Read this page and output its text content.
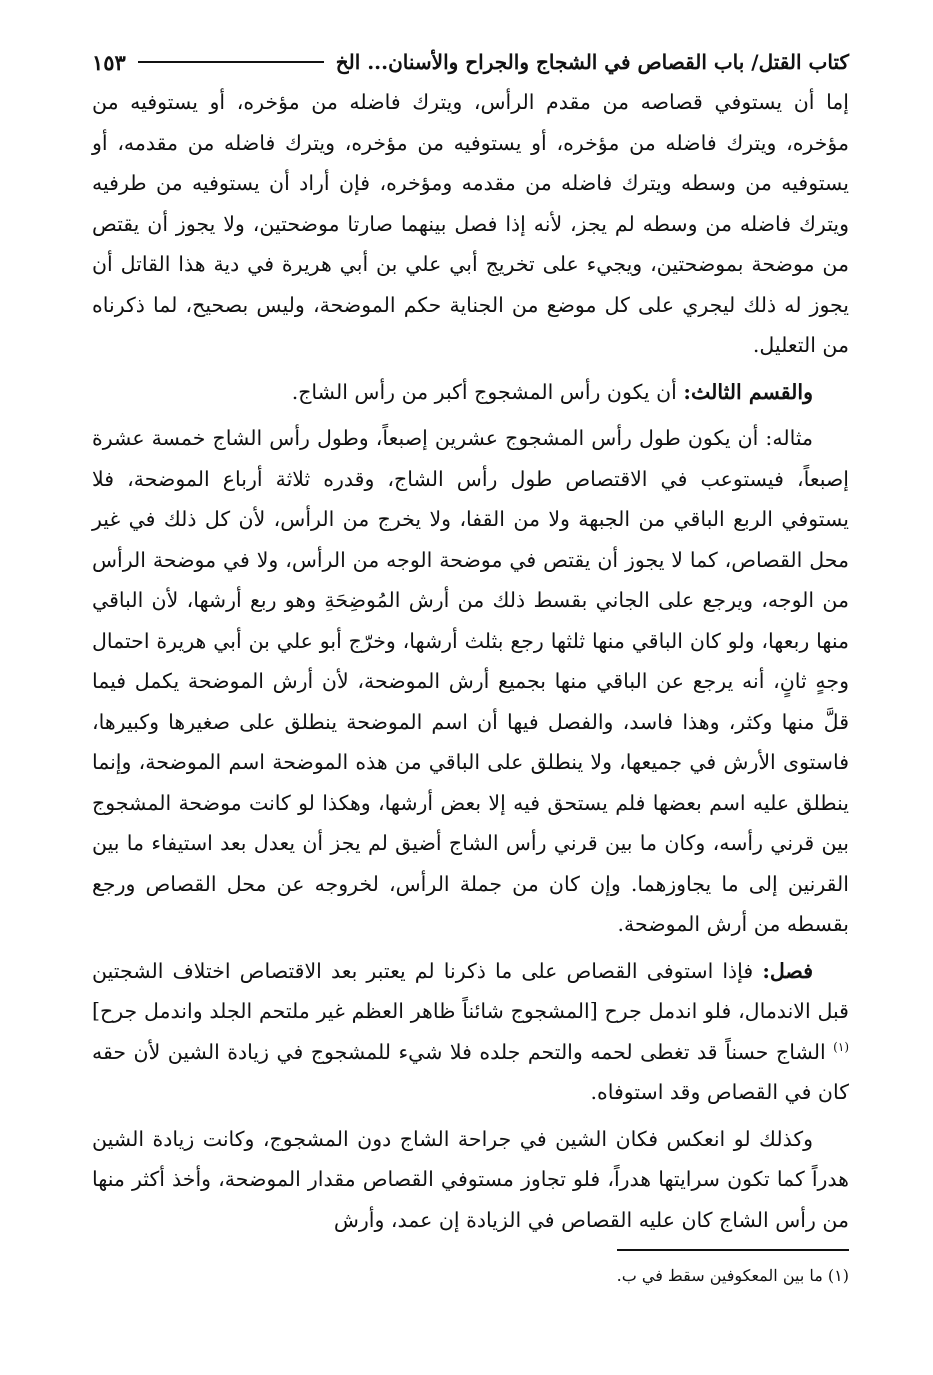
كتاب القتل/ باب القصاص في الشجاج والجراح والأسنان... الخ
١٥٣

إما أن يستوفي قصاصه من مقدم الرأس، ويترك فاضله من مؤخره، أو يستوفيه من مؤخره، ويترك فاضله من مؤخره، أو يستوفيه من مؤخره، ويترك فاضله من مقدمه، أو يستوفيه من وسطه ويترك فاضله من مقدمه ومؤخره، فإن أراد أن يستوفيه من طرفيه ويترك فاضله من وسطه لم يجز، لأنه إذا فصل بينهما صارتا موضحتين، ولا يجوز أن يقتص من موضحة بموضحتين، ويجيء على تخريج أبي علي بن أبي هريرة في دية هذا القاتل أن يجوز له ذلك ليجري على كل موضع من الجناية حكم الموضحة، وليس بصحيح، لما ذكرناه من التعليل.

والقسم الثالث: أن يكون رأس المشجوج أكبر من رأس الشاج.

مثاله: أن يكون طول رأس المشجوج عشرين إصبعاً، وطول رأس الشاج خمسة عشرة إصبعاً، فيستوعب في الاقتصاص طول رأس الشاج، وقدره ثلاثة أرباع الموضحة، فلا يستوفي الربع الباقي من الجبهة ولا من القفا، ولا يخرج من الرأس، لأن كل ذلك في غير محل القصاص، كما لا يجوز أن يقتص في موضحة الوجه من الرأس، ولا في موضحة الرأس من الوجه، ويرجع على الجاني بقسط ذلك من أرش المُوضِحَةِ وهو ربع أرشها، لأن الباقي منها ربعها، ولو كان الباقي منها ثلثها رجع بثلث أرشها، وخرّج أبو علي بن أبي هريرة احتمال وجهٍ ثانٍ، أنه يرجع عن الباقي منها بجميع أرش الموضحة، لأن أرش الموضحة يكمل فيما قلَّ منها وكثر، وهذا فاسد، والفصل فيها أن اسم الموضحة ينطلق على صغيرها وكبيرها، فاستوى الأرش في جميعها، ولا ينطلق على الباقي من هذه الموضحة اسم الموضحة، وإنما ينطلق عليه اسم بعضها فلم يستحق فيه إلا بعض أرشها، وهكذا لو كانت موضحة المشجوج بين قرني رأسه، وكان ما بين قرني رأس الشاج أضيق لم يجز أن يعدل بعد استيفاء ما بين القرنين إلى ما يجاوزهما. وإن كان من جملة الرأس، لخروجه عن محل القصاص ورجع بقسطه من أرش الموضحة.

فصل: فإذا استوفى القصاص على ما ذكرنا لم يعتبر بعد الاقتصاص اختلاف الشجتين قبل الاندمال، فلو اندمل جرح [المشجوج شائناً ظاهر العظم غير ملتحم الجلد واندمل جرح]$^{(١)}$ الشاج حسناً قد تغطى لحمه والتحم جلده فلا شيء للمشجوج في زيادة الشين لأن حقه كان في القصاص وقد استوفاه.

وكذلك لو انعكس فكان الشين في جراحة الشاج دون المشجوج، وكانت زيادة الشين هدراً كما تكون سرايتها هدراً، فلو تجاوز مستوفي القصاص مقدار الموضحة، وأخذ أكثر منها من رأس الشاج كان عليه القصاص في الزيادة إن عمد، وأرش

(١) ما بين المعكوفين سقط في ب.
